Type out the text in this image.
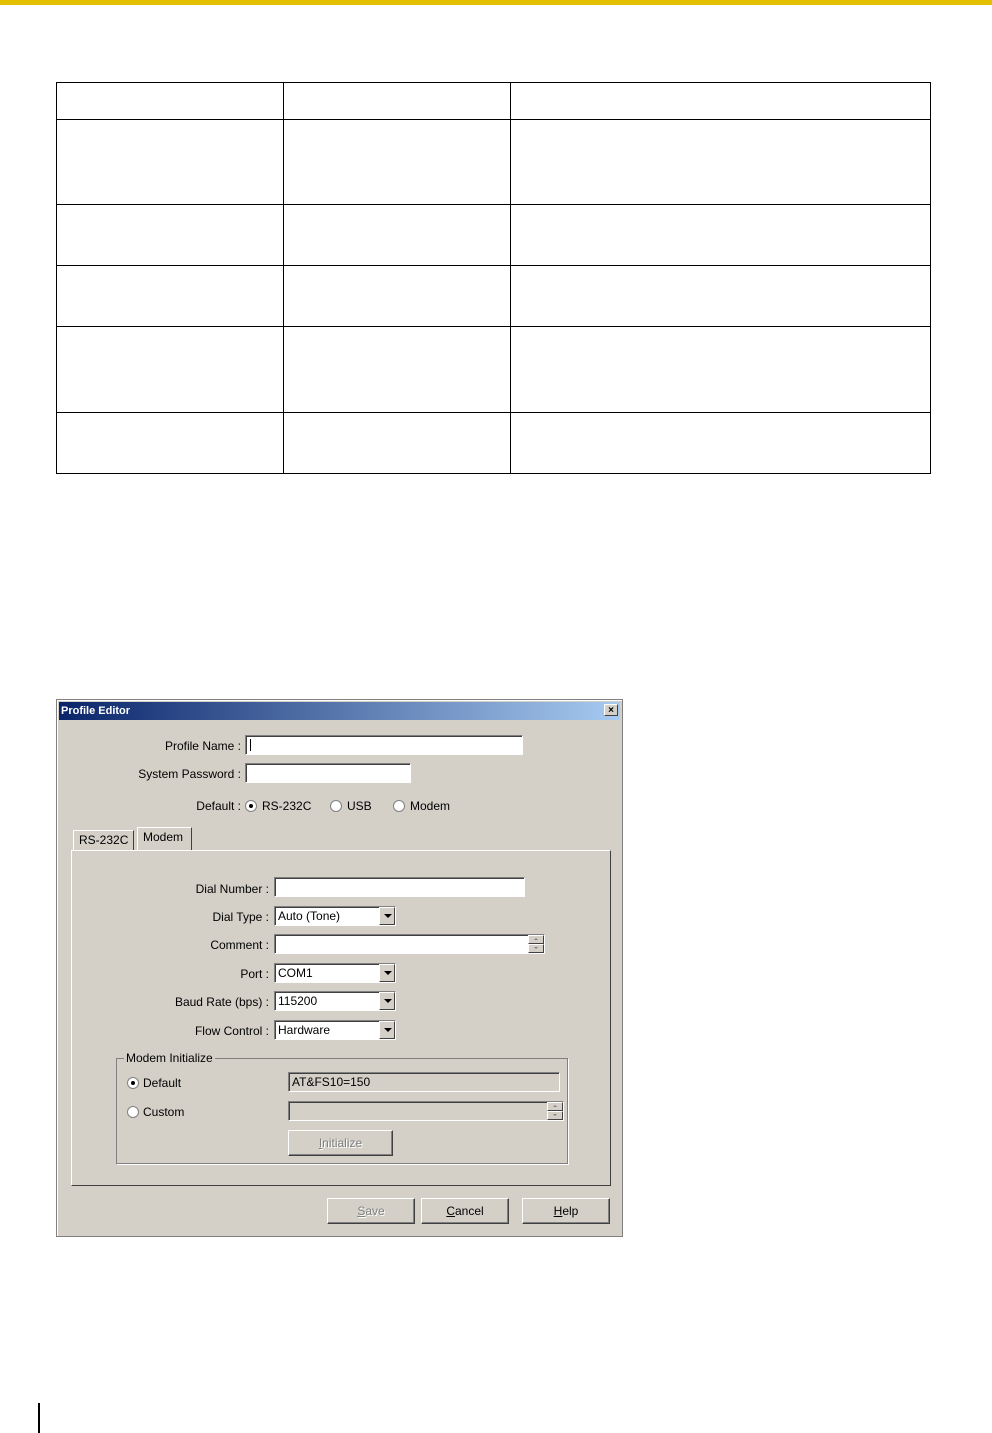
Profile Editor	×
Profile Name :
System Password :
Default : RS-232C	USB	Modem
RS-232C	Modem
Dial Number :
Dial Type : Auto (Tone)
Comment :
Port : COM1
Baud Rate (bps) : 115200
Flow Control : Hardware
Modem Initialize
Default	AT&FS10=150
Custom
Initialize
Save	Cancel	Help
